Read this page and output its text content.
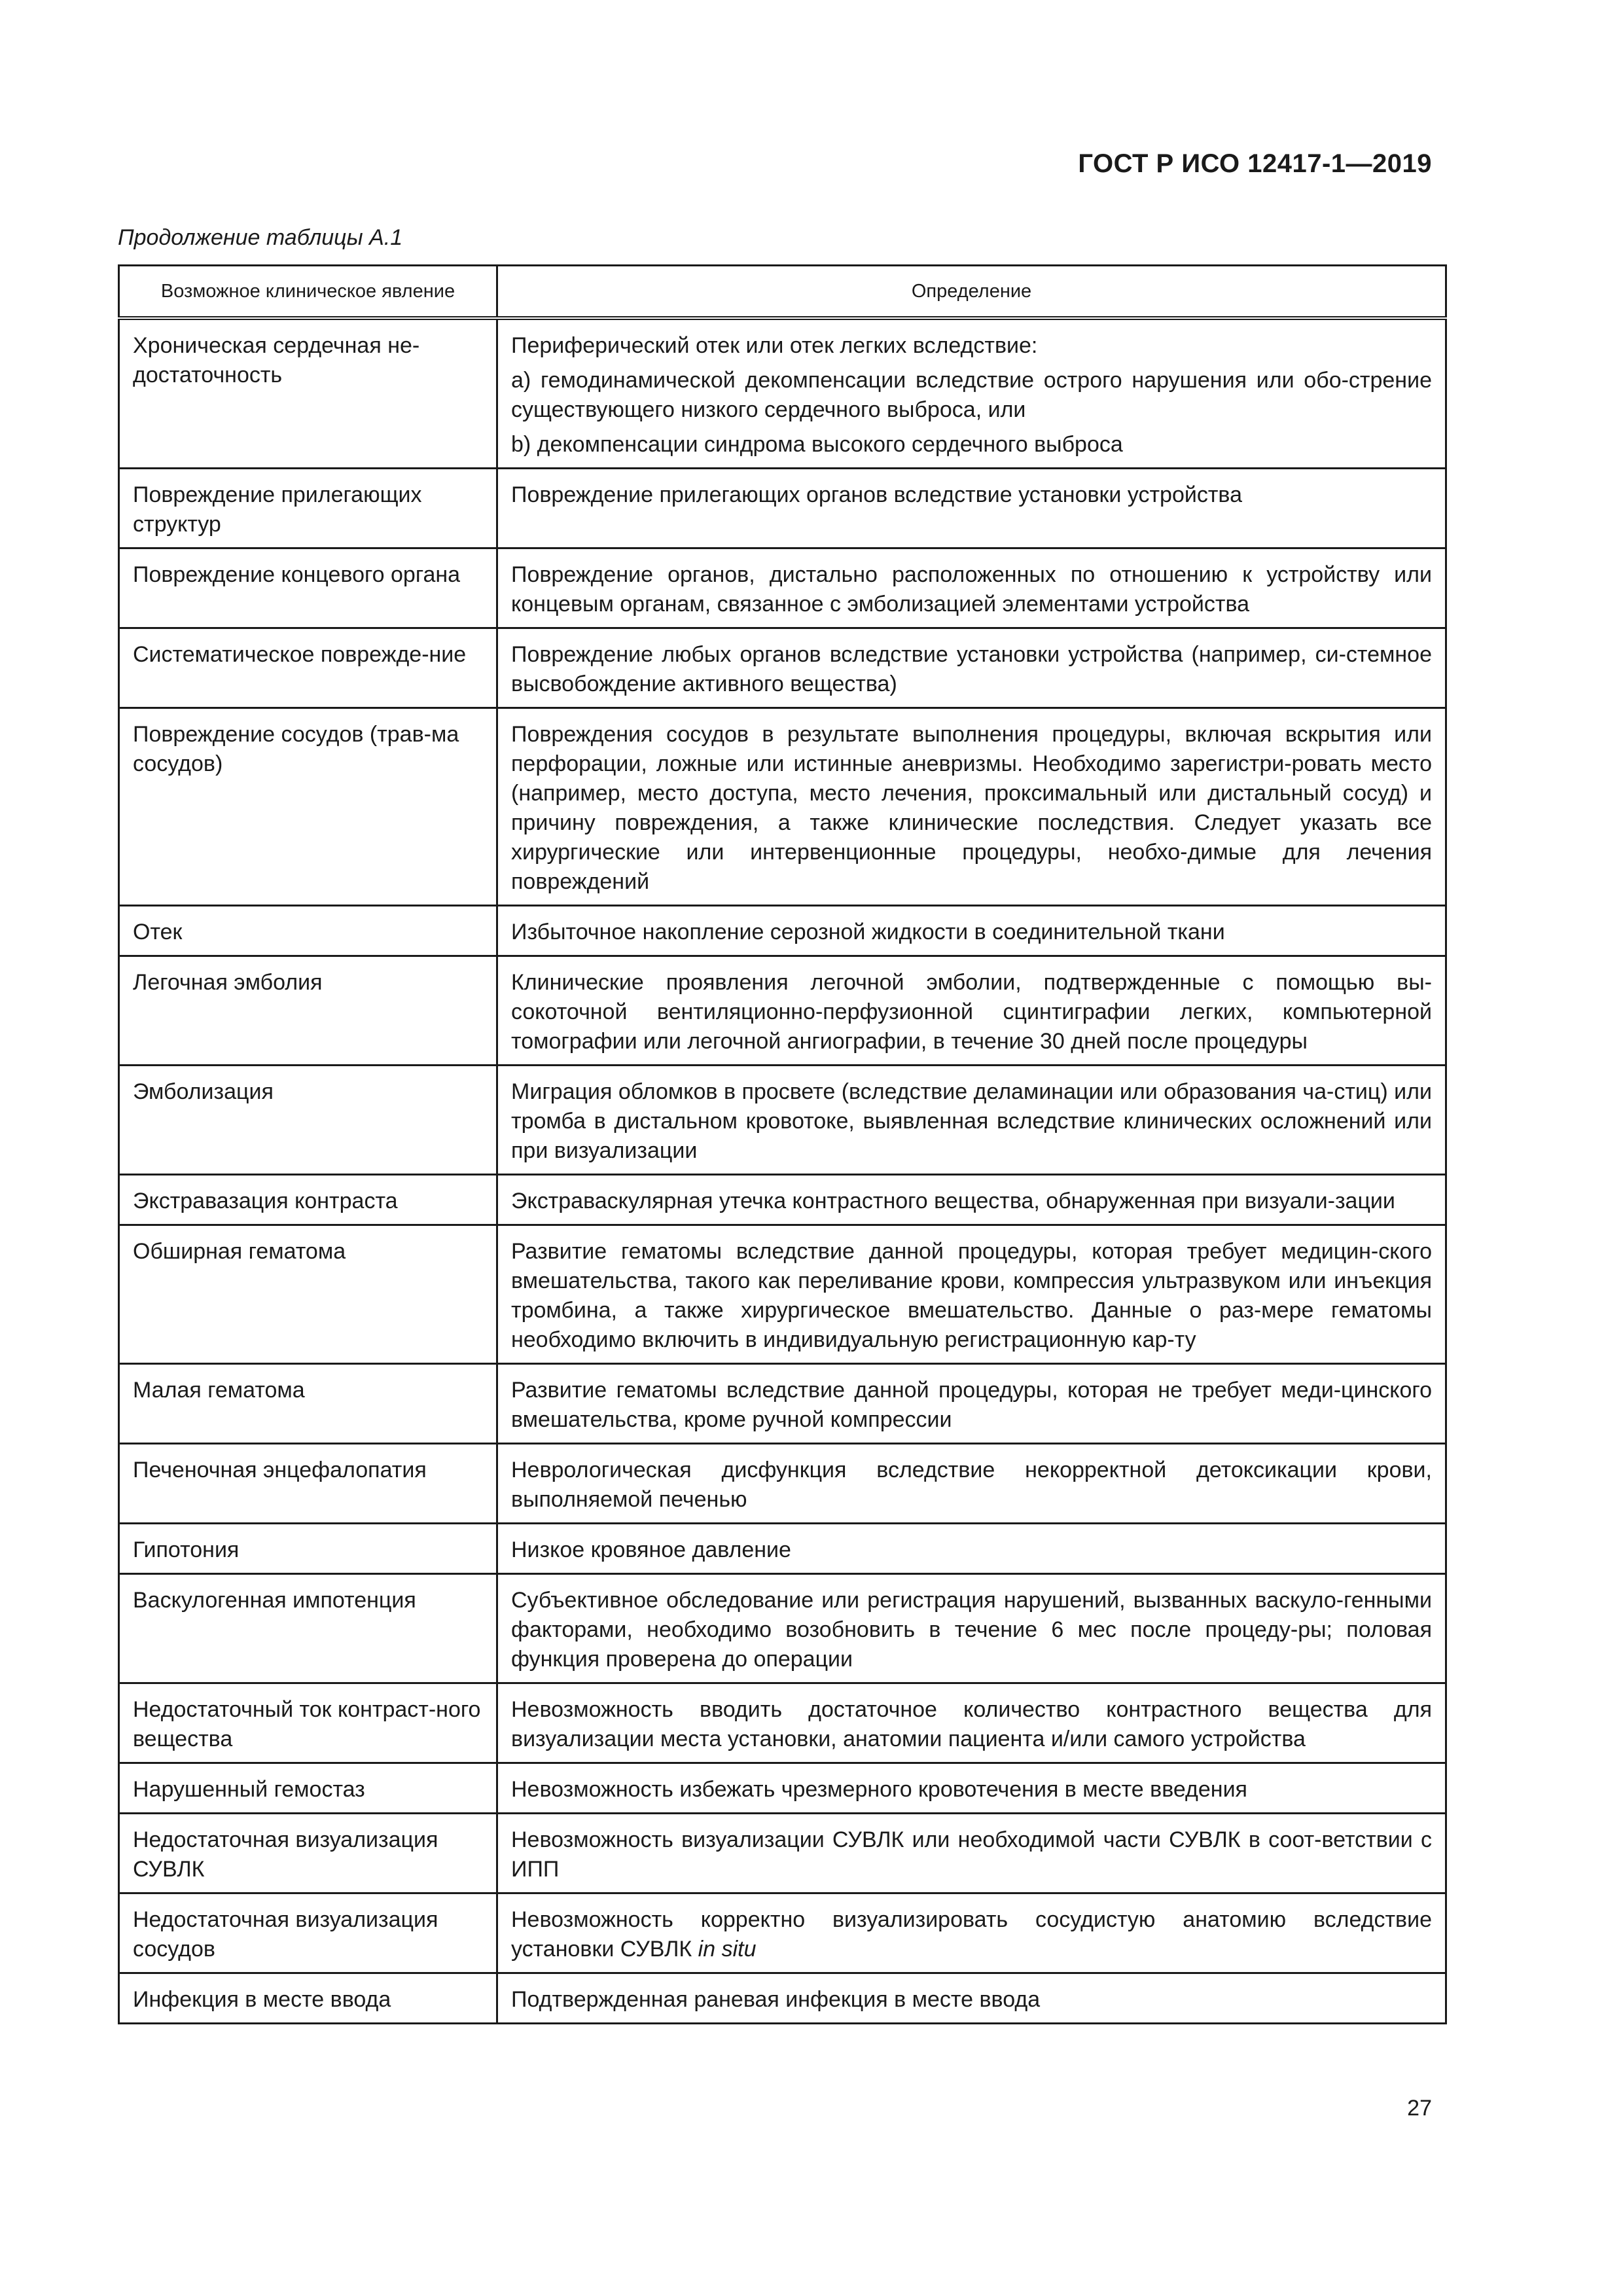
ГОСТ Р ИСО 12417-1—2019
Продолжение таблицы А.1
Возможное клиническое явление	Определение
Хроническая сердечная не-достаточность	Периферический отек или отек легких вследствие:
a) гемодинамической декомпенсации вследствие острого нарушения или обо-стрение существующего низкого сердечного выброса, или
b) декомпенсации синдрома высокого сердечного выброса

Повреждение прилегающих структур	Повреждение прилегающих органов вследствие установки устройства

Повреждение концевого органа	Повреждение органов, дистально расположенных по отношению к устройству или концевым органам, связанное с эмболизацией элементами устройства

Систематическое поврежде-ние	Повреждение любых органов вследствие установки устройства (например, си-стемное высвобождение активного вещества)

Повреждение сосудов (трав-ма сосудов)	Повреждения сосудов в результате выполнения процедуры, включая вскрытия или перфорации, ложные или истинные аневризмы. Необходимо зарегистри-ровать место (например, место доступа, место лечения, проксимальный или дистальный сосуд) и причину повреждения, а также клинические последствия. Следует указать все хирургические или интервенционные процедуры, необхо-димые для лечения повреждений

Отек	Избыточное накопление серозной жидкости в соединительной ткани

Легочная эмболия	Клинические проявления легочной эмболии, подтвержденные с помощью вы-сокоточной вентиляционно-перфузионной сцинтиграфии легких, компьютерной томографии или легочной ангиографии, в течение 30 дней после процедуры

Эмболизация	Миграция обломков в просвете (вследствие деламинации или образования ча-стиц) или тромба в дистальном кровотоке, выявленная вследствие клинических осложнений или при визуализации

Экстравазация контраста	Экстраваскулярная утечка контрастного вещества, обнаруженная при визуали-зации

Обширная гематома	Развитие гематомы вследствие данной процедуры, которая требует медицин-ского вмешательства, такого как переливание крови, компрессия ультразвуком или инъекция тромбина, а также хирургическое вмешательство. Данные о раз-мере гематомы необходимо включить в индивидуальную регистрационную кар-ту

Малая гематома	Развитие гематомы вследствие данной процедуры, которая не требует меди-цинского вмешательства, кроме ручной компрессии

Печеночная энцефалопатия	Неврологическая дисфункция вследствие некорректной детоксикации крови, выполняемой печенью

Гипотония	Низкое кровяное давление

Васкулогенная импотенция	Субъективное обследование или регистрация нарушений, вызванных васкуло-генными факторами, необходимо возобновить в течение 6 мес после процеду-ры; половая функция проверена до операции

Недостаточный ток контраст-ного вещества	Невозможность вводить достаточное количество контрастного вещества для визуализации места установки, анатомии пациента и/или самого устройства

Нарушенный гемостаз	Невозможность избежать чрезмерного кровотечения в месте введения

Недостаточная визуализация СУВЛК	Невозможность визуализации СУВЛК или необходимой части СУВЛК в соот-ветствии с ИПП

Недостаточная визуализация сосудов	Невозможность корректно визуализировать сосудистую анатомию вследствие установки СУВЛК in situ

Инфекция в месте ввода	Подтвержденная раневая инфекция в месте ввода
27
